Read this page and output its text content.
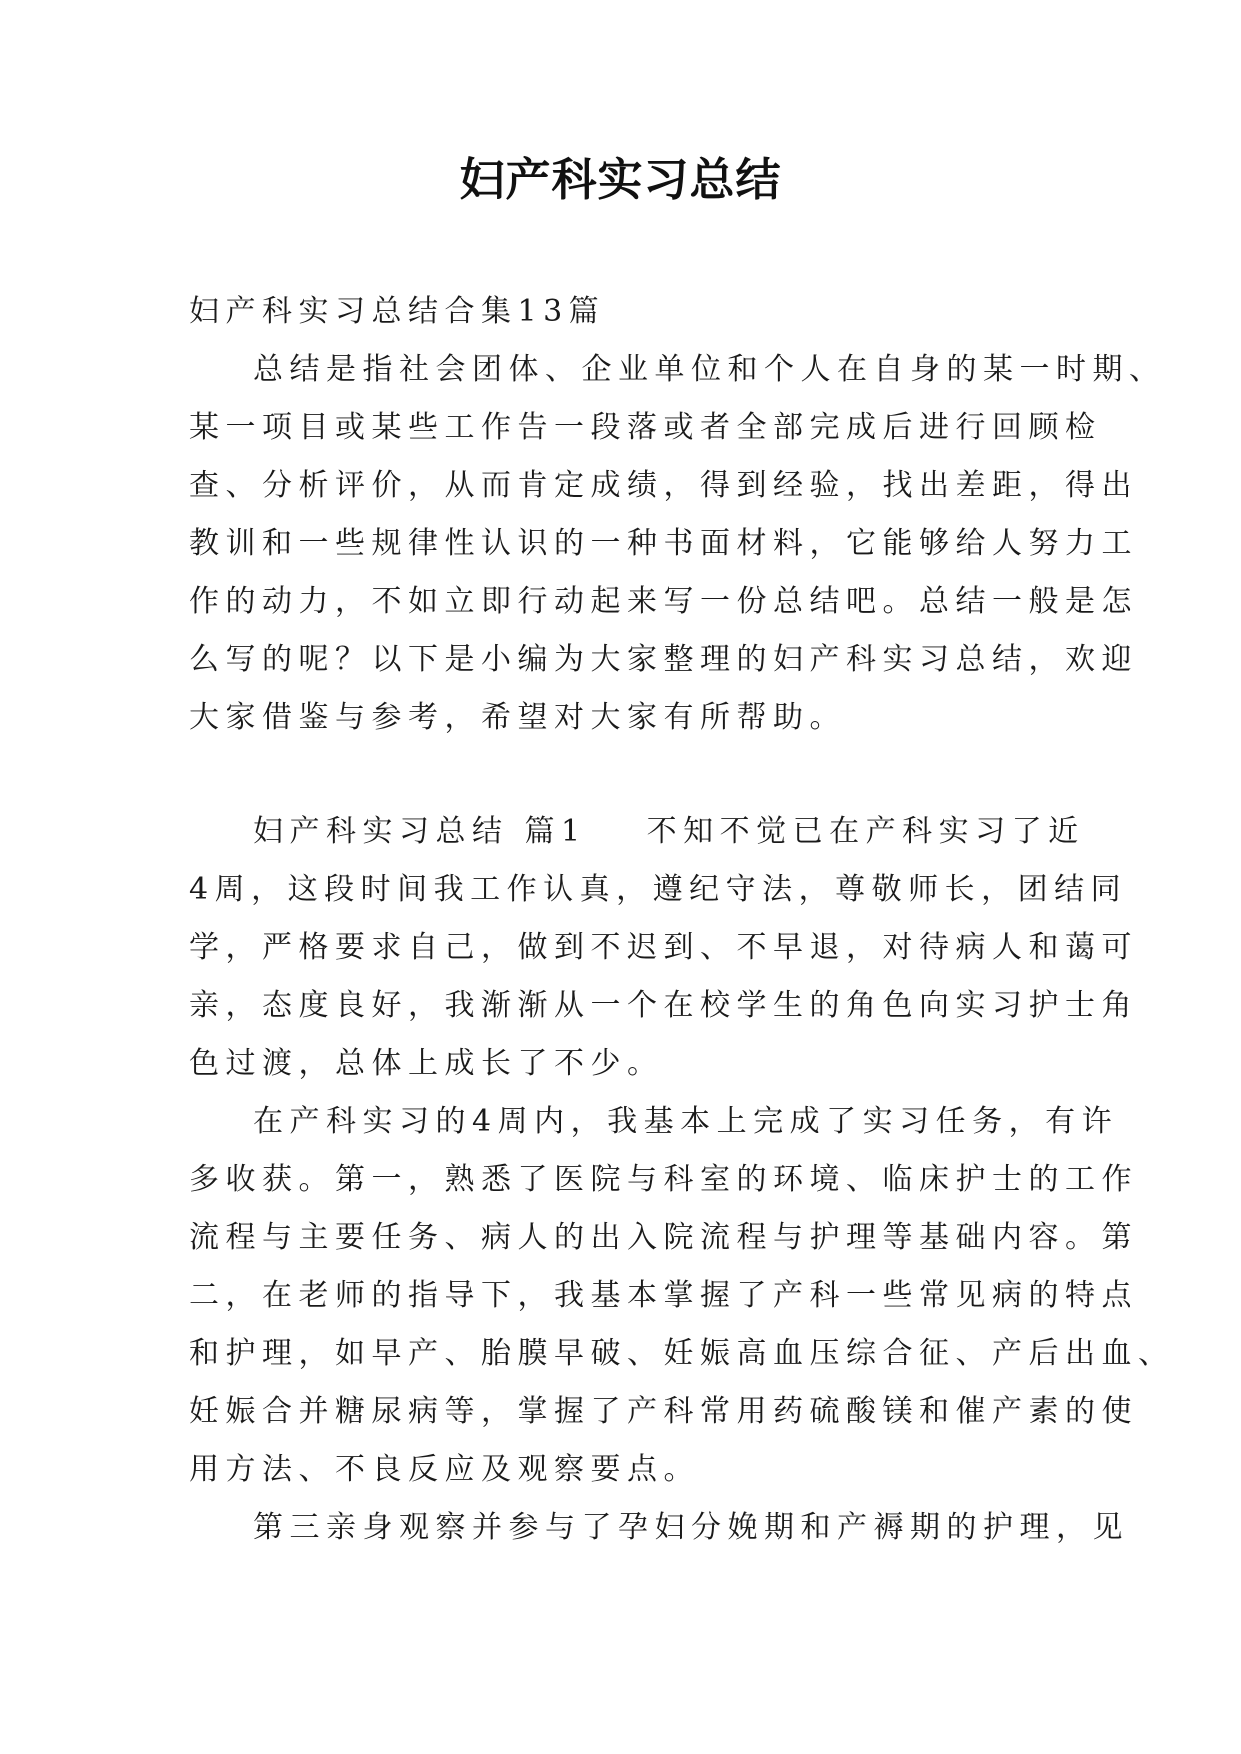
妇产科实习总结
妇产科实习总结合集13篇
总结是指社会团体、企业单位和个人在自身的某一时期、
某一项目或某些工作告一段落或者全部完成后进行回顾检
查、分析评价，从而肯定成绩，得到经验，找出差距，得出
教训和一些规律性认识的一种书面材料，它能够给人努力工
作的动力，不如立即行动起来写一份总结吧。总结一般是怎
么写的呢？以下是小编为大家整理的妇产科实习总结，欢迎
大家借鉴与参考，希望对大家有所帮助。
妇产科实习总结 篇1 不知不觉已在产科实习了近
4周，这段时间我工作认真，遵纪守法，尊敬师长，团结同
学，严格要求自己，做到不迟到、不早退，对待病人和蔼可
亲，态度良好，我渐渐从一个在校学生的角色向实习护士角
色过渡，总体上成长了不少。
在产科实习的4周内，我基本上完成了实习任务，有许
多收获。第一，熟悉了医院与科室的环境、临床护士的工作
流程与主要任务、病人的出入院流程与护理等基础内容。第
二，在老师的指导下，我基本掌握了产科一些常见病的特点
和护理，如早产、胎膜早破、妊娠高血压综合征、产后出血、
妊娠合并糖尿病等，掌握了产科常用药硫酸镁和催产素的使
用方法、不良反应及观察要点。
第三亲身观察并参与了孕妇分娩期和产褥期的护理，见
